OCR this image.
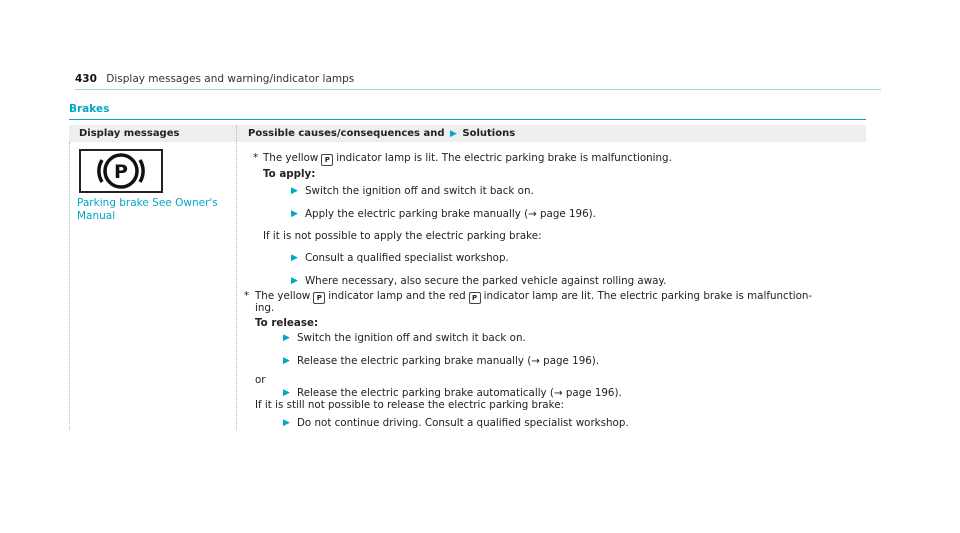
430 Display messages and warning/indicator lamps
Brakes
Display messages	Possible causes/consequences and ▶ Solutions
P
Parking brake See Owner's Manual
* The yellow P indicator lamp is lit. The electric parking brake is malfunctioning.
To apply:
▶ Switch the ignition off and switch it back on.
▶ Apply the electric parking brake manually (→ page 196).
If it is not possible to apply the electric parking brake:
▶ Consult a qualified specialist workshop.
▶ Where necessary, also secure the parked vehicle against rolling away.
* The yellow P indicator lamp and the red P indicator lamp are lit. The electric parking brake is malfunction-
ing.
To release:
▶ Switch the ignition off and switch it back on.
▶ Release the electric parking brake manually (→ page 196).
or
▶ Release the electric parking brake automatically (→ page 196).
If it is still not possible to release the electric parking brake:
▶ Do not continue driving. Consult a qualified specialist workshop.
